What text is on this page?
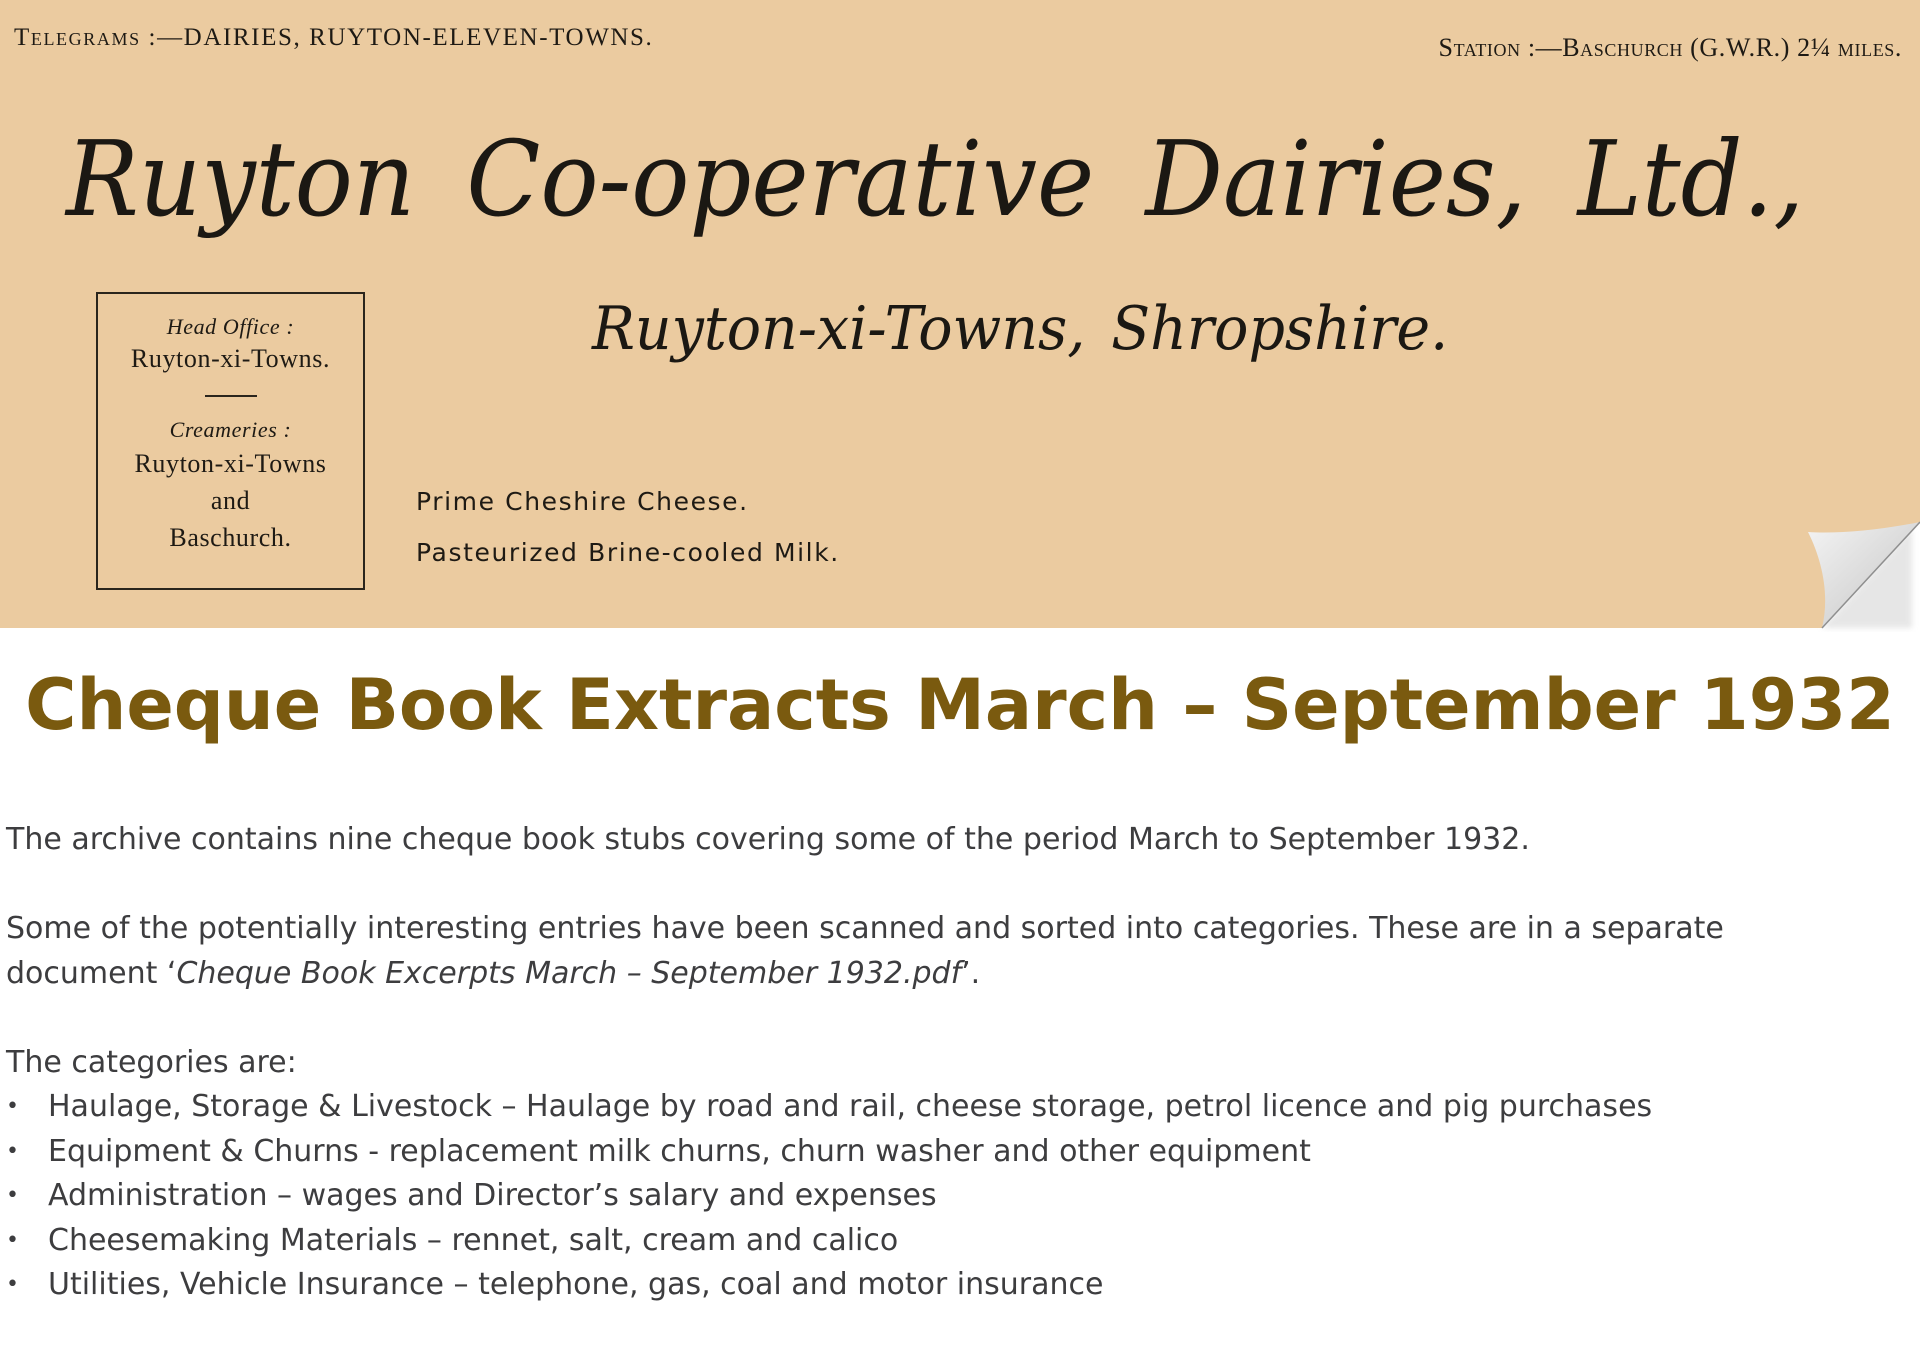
Telegrams :—DAIRIES, RUYTON-ELEVEN-TOWNS.	Station :—Baschurch (G.W.R.) 2¼ miles.
Ruyton Co-operative Dairies, Ltd.,
Ruyton-xi-Towns, Shropshire.
Head Office :
Ruyton-xi-Towns.
Creameries :
Ruyton-xi-Towns
and
Baschurch.
Prime Cheshire Cheese.
Pasteurized Brine-cooled Milk.
Cheque Book Extracts March – September 1932

The archive contains nine cheque book stubs covering some of the period March to September 1932.

Some of the potentially interesting entries have been scanned and sorted into categories. These are in a separate

document ‘Cheque Book Excerpts March – September 1932.pdf’.

The categories are:

• Haulage, Storage & Livestock – Haulage by road and rail, cheese storage, petrol licence and pig purchases
• Equipment & Churns - replacement milk churns, churn washer and other equipment
• Administration – wages and Director’s salary and expenses
• Cheesemaking Materials – rennet, salt, cream and calico
• Utilities, Vehicle Insurance – telephone, gas, coal and motor insurance
